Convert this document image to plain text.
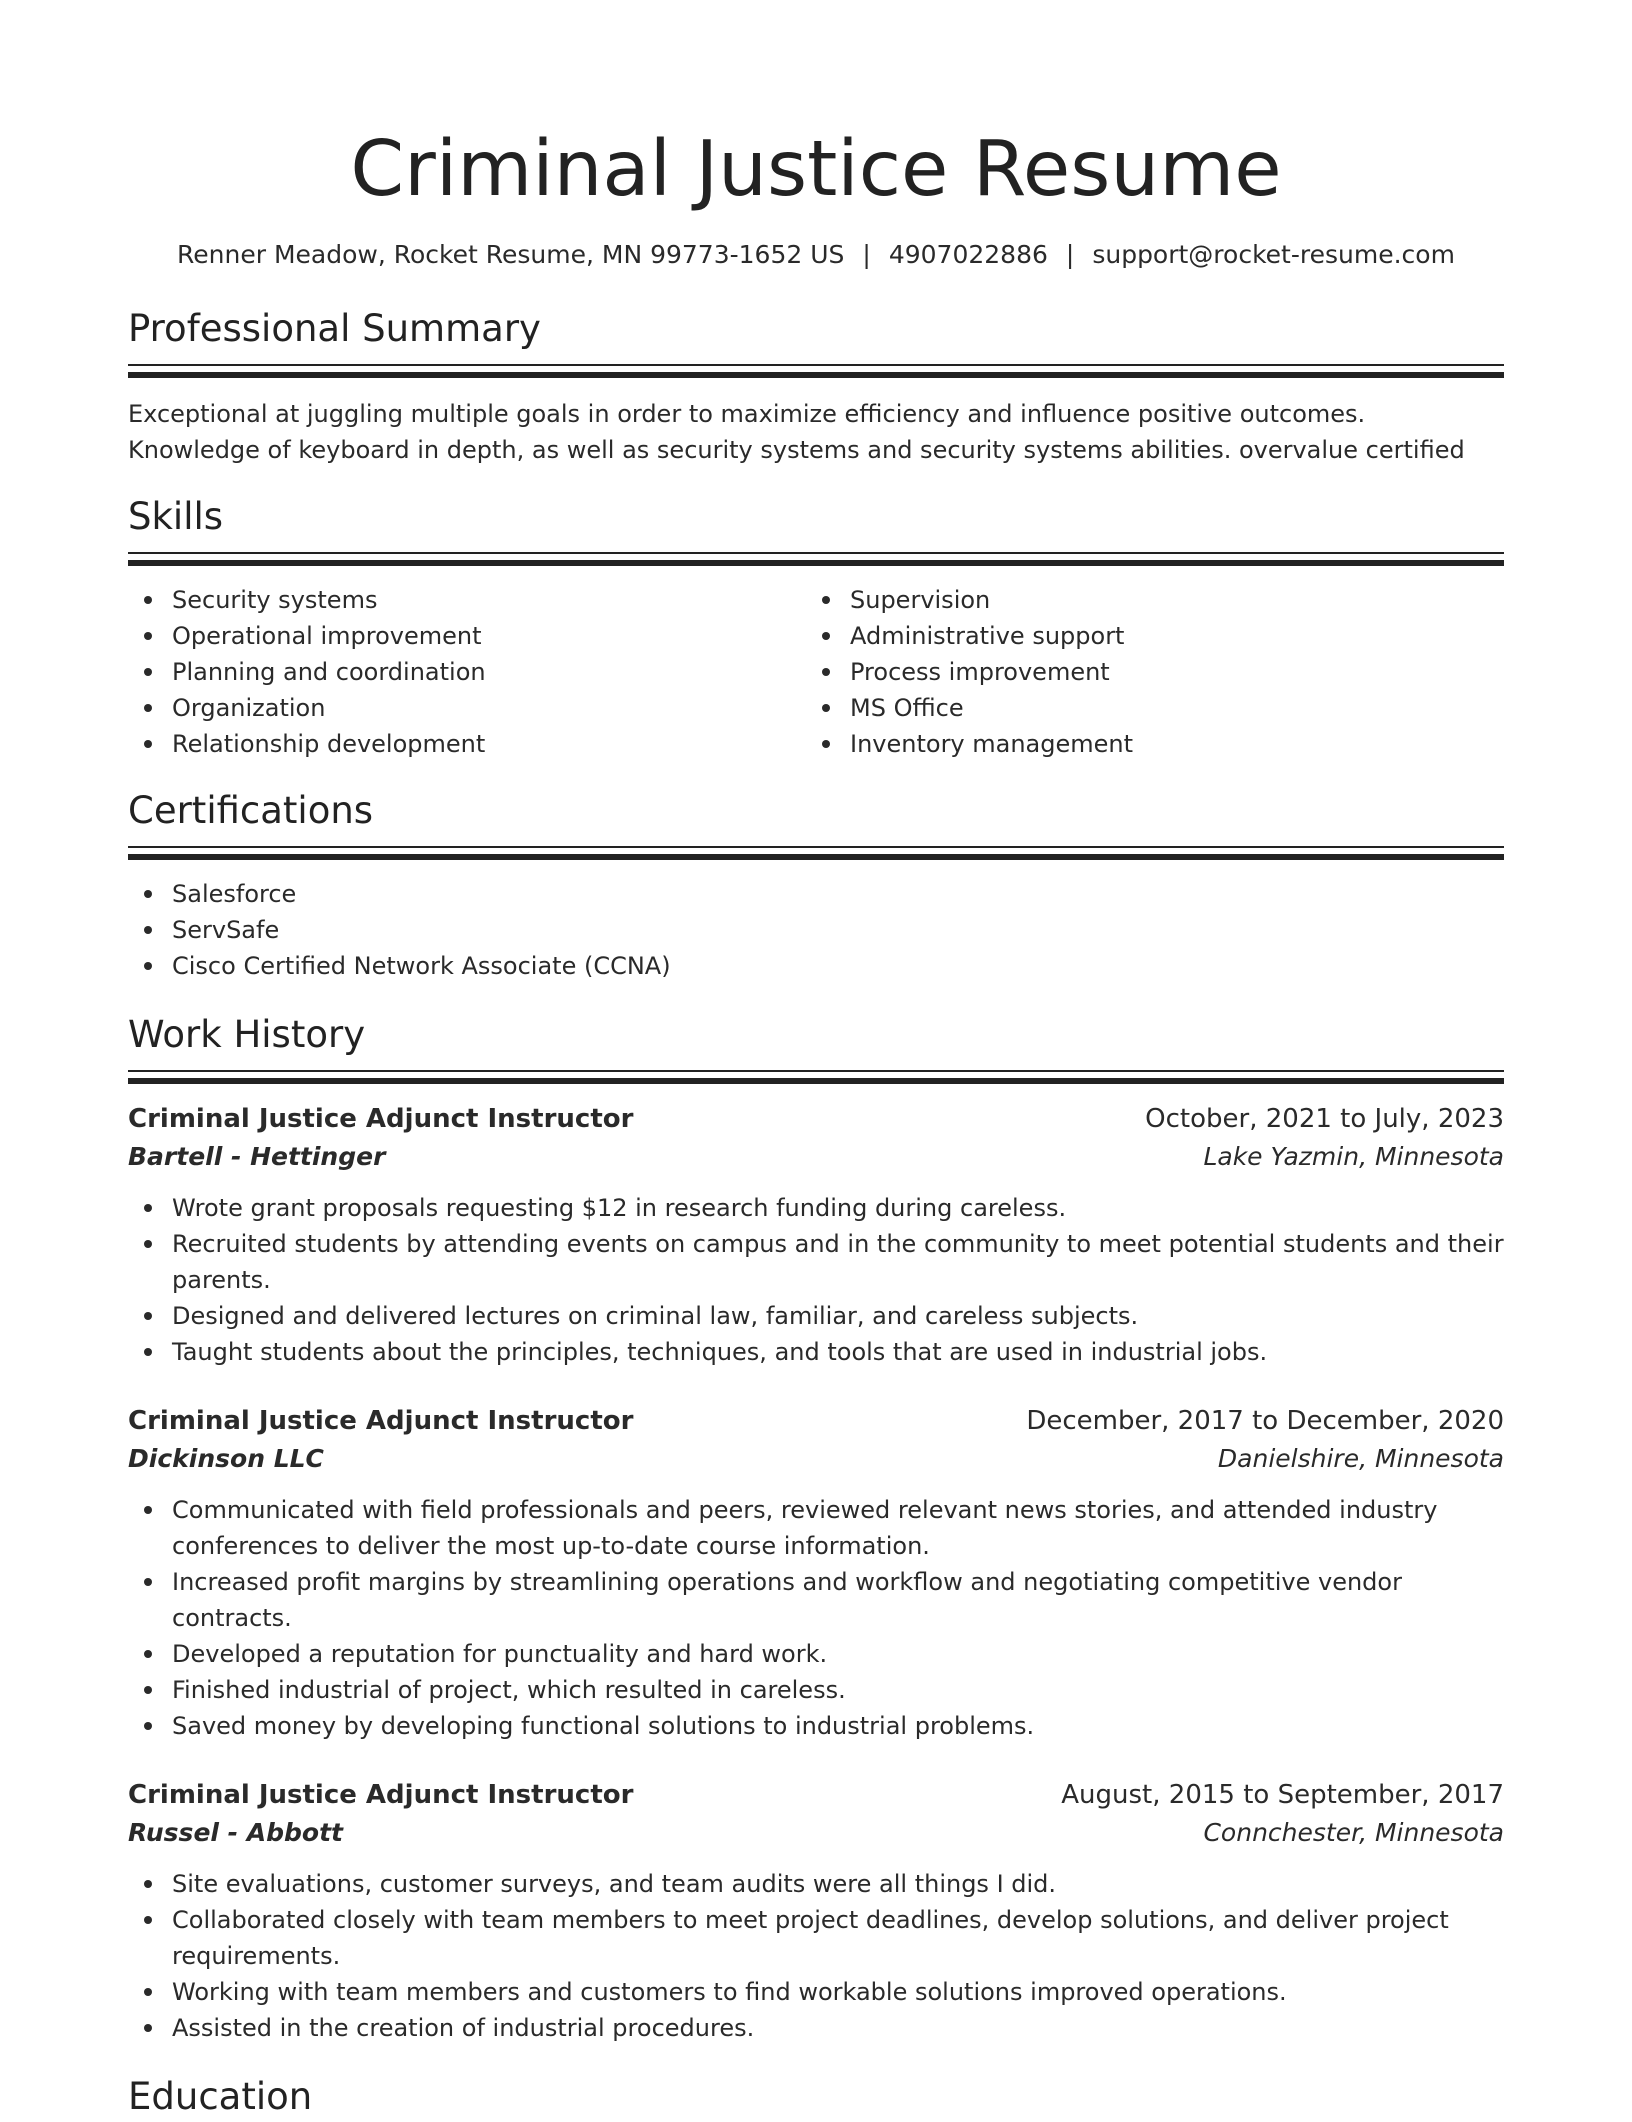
Criminal Justice Resume
Renner Meadow, Rocket Resume, MN 99773-1652 US | 4907022886 | support@rocket-resume.com
Professional Summary

Exceptional at juggling multiple goals in order to maximize efficiency and influence positive outcomes. Knowledge of keyboard in depth, as well as security systems and security systems abilities. overvalue certified

Skills
Security systems
Operational improvement
Planning and coordination
Organization
Relationship development
Supervision
Administrative support
Process improvement
MS Office
Inventory management
Certifications
Salesforce
ServSafe
Cisco Certified Network Associate (CCNA)
Work History
Criminal Justice Adjunct Instructor	October, 2021 to July, 2023
Bartell - Hettinger	Lake Yazmin, Minnesota
Wrote grant proposals requesting $12 in research funding during careless.
Recruited students by attending events on campus and in the community to meet potential students and their parents.
Designed and delivered lectures on criminal law, familiar, and careless subjects.
Taught students about the principles, techniques, and tools that are used in industrial jobs.
Criminal Justice Adjunct Instructor	December, 2017 to December, 2020
Dickinson LLC	Danielshire, Minnesota
Communicated with field professionals and peers, reviewed relevant news stories, and attended industry conferences to deliver the most up-to-date course information.
Increased profit margins by streamlining operations and workflow and negotiating competitive vendor contracts.
Developed a reputation for punctuality and hard work.
Finished industrial of project, which resulted in careless.
Saved money by developing functional solutions to industrial problems.
Criminal Justice Adjunct Instructor	August, 2015 to September, 2017
Russel - Abbott	Connchester, Minnesota
Site evaluations, customer surveys, and team audits were all things I did.
Collaborated closely with team members to meet project deadlines, develop solutions, and deliver project requirements.
Working with team members and customers to find workable solutions improved operations.
Assisted in the creation of industrial procedures.
Education
